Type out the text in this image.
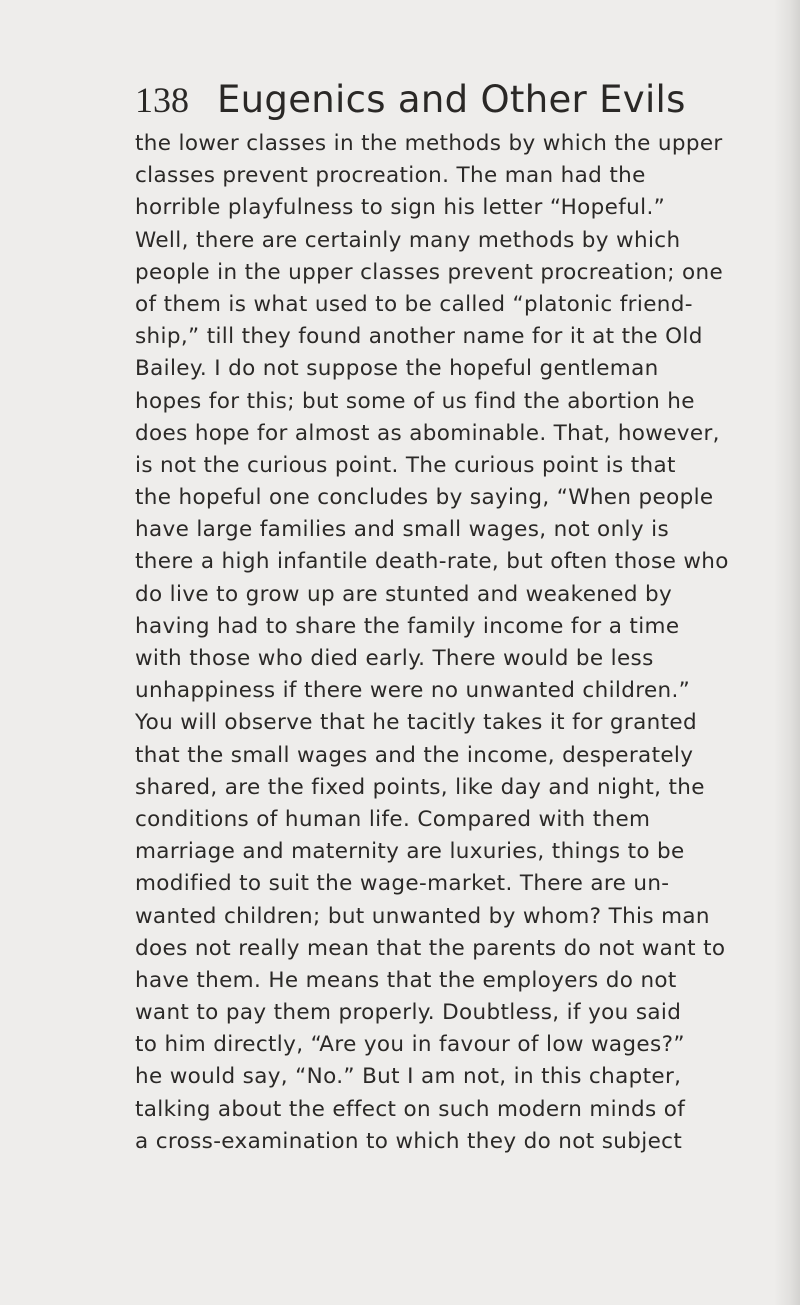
138 Eugenics and Other Evils
the lower classes in the methods by which the upper
classes prevent procreation. The man had the
horrible playfulness to sign his letter “Hopeful.”
Well, there are certainly many methods by which
people in the upper classes prevent procreation; one
of them is what used to be called “platonic friend-
ship,” till they found another name for it at the Old
Bailey. I do not suppose the hopeful gentleman
hopes for this; but some of us find the abortion he
does hope for almost as abominable. That, however,
is not the curious point. The curious point is that
the hopeful one concludes by saying, “When people
have large families and small wages, not only is
there a high infantile death-rate, but often those who
do live to grow up are stunted and weakened by
having had to share the family income for a time
with those who died early. There would be less
unhappiness if there were no unwanted children.”
You will observe that he tacitly takes it for granted
that the small wages and the income, desperately
shared, are the fixed points, like day and night, the
conditions of human life. Compared with them
marriage and maternity are luxuries, things to be
modified to suit the wage-market. There are un-
wanted children; but unwanted by whom? This man
does not really mean that the parents do not want to
have them. He means that the employers do not
want to pay them properly. Doubtless, if you said
to him directly, “Are you in favour of low wages?”
he would say, “No.” But I am not, in this chapter,
talking about the effect on such modern minds of
a cross-examination to which they do not subject
